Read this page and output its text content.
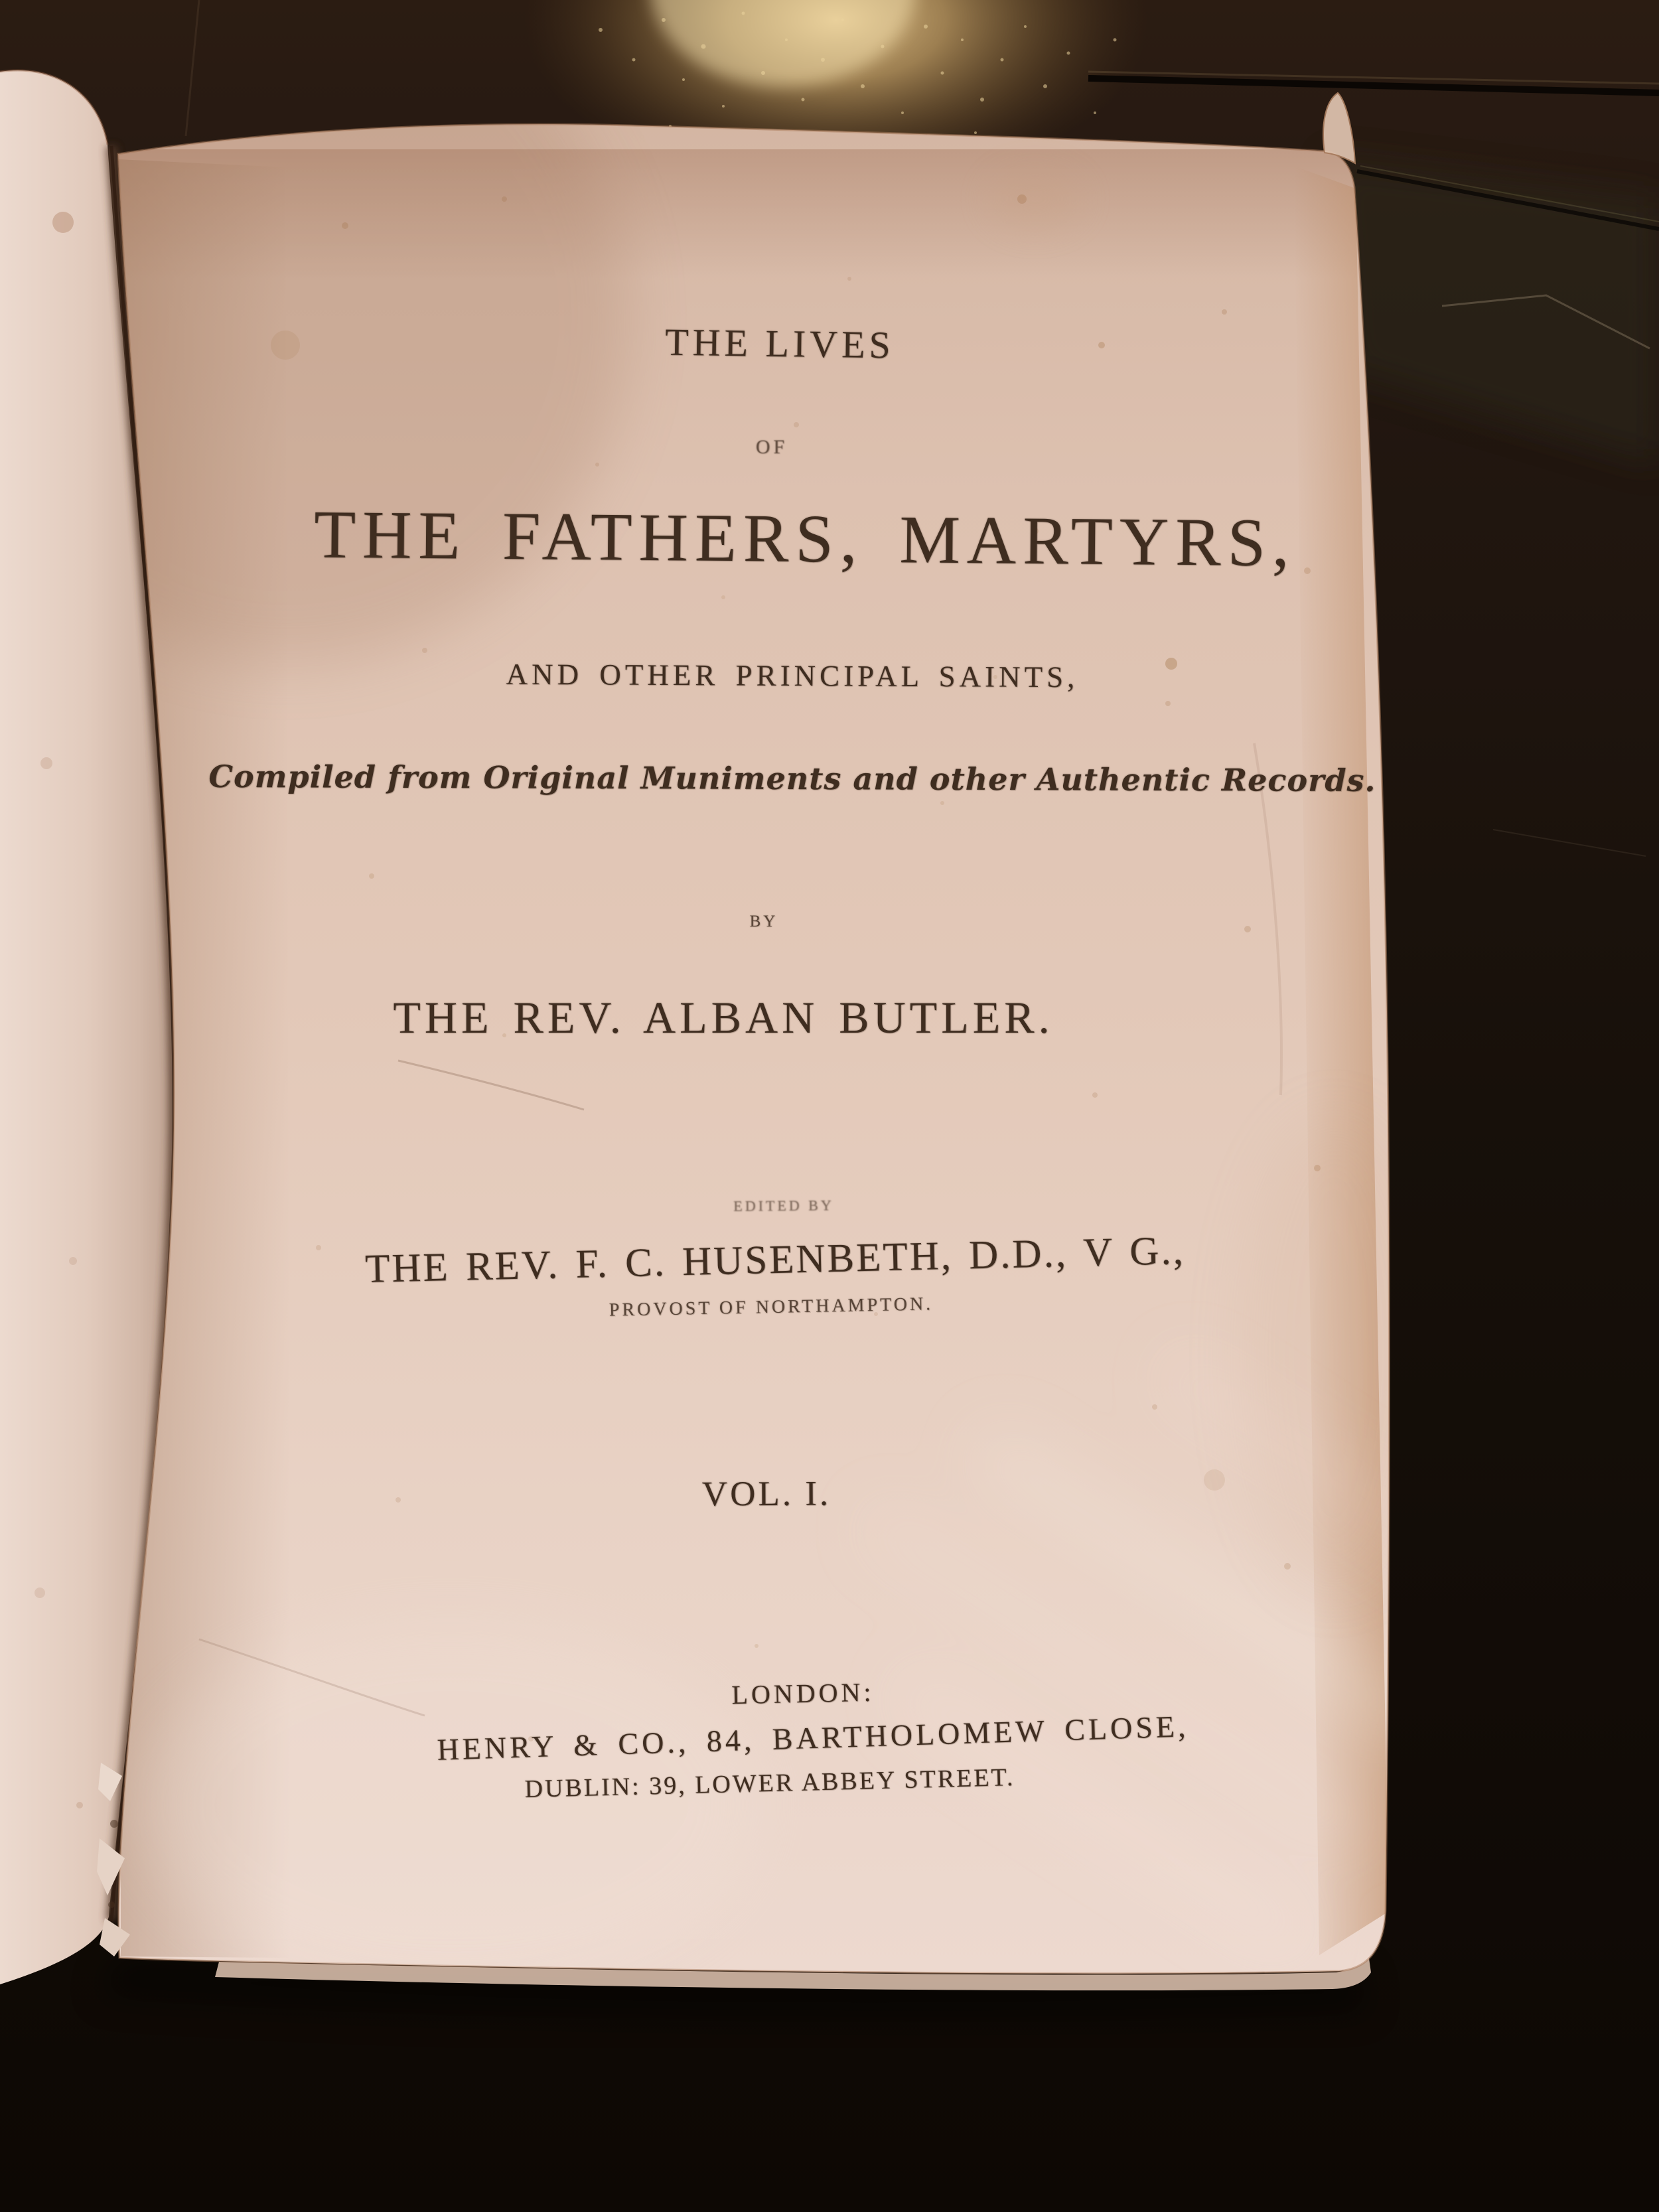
THE LIVES
OF
THE FATHERS, MARTYRS,
AND OTHER PRINCIPAL SAINTS,
Compiled from Original Muniments and other Authentic Records.
BY
THE REV. ALBAN BUTLER.
EDITED BY
THE REV. F. C. HUSENBETH, D.D., V G.,
PROVOST OF NORTHAMPTON.
VOL. I.
LONDON:
HENRY & CO., 84, BARTHOLOMEW CLOSE,
DUBLIN: 39, LOWER ABBEY STREET.
